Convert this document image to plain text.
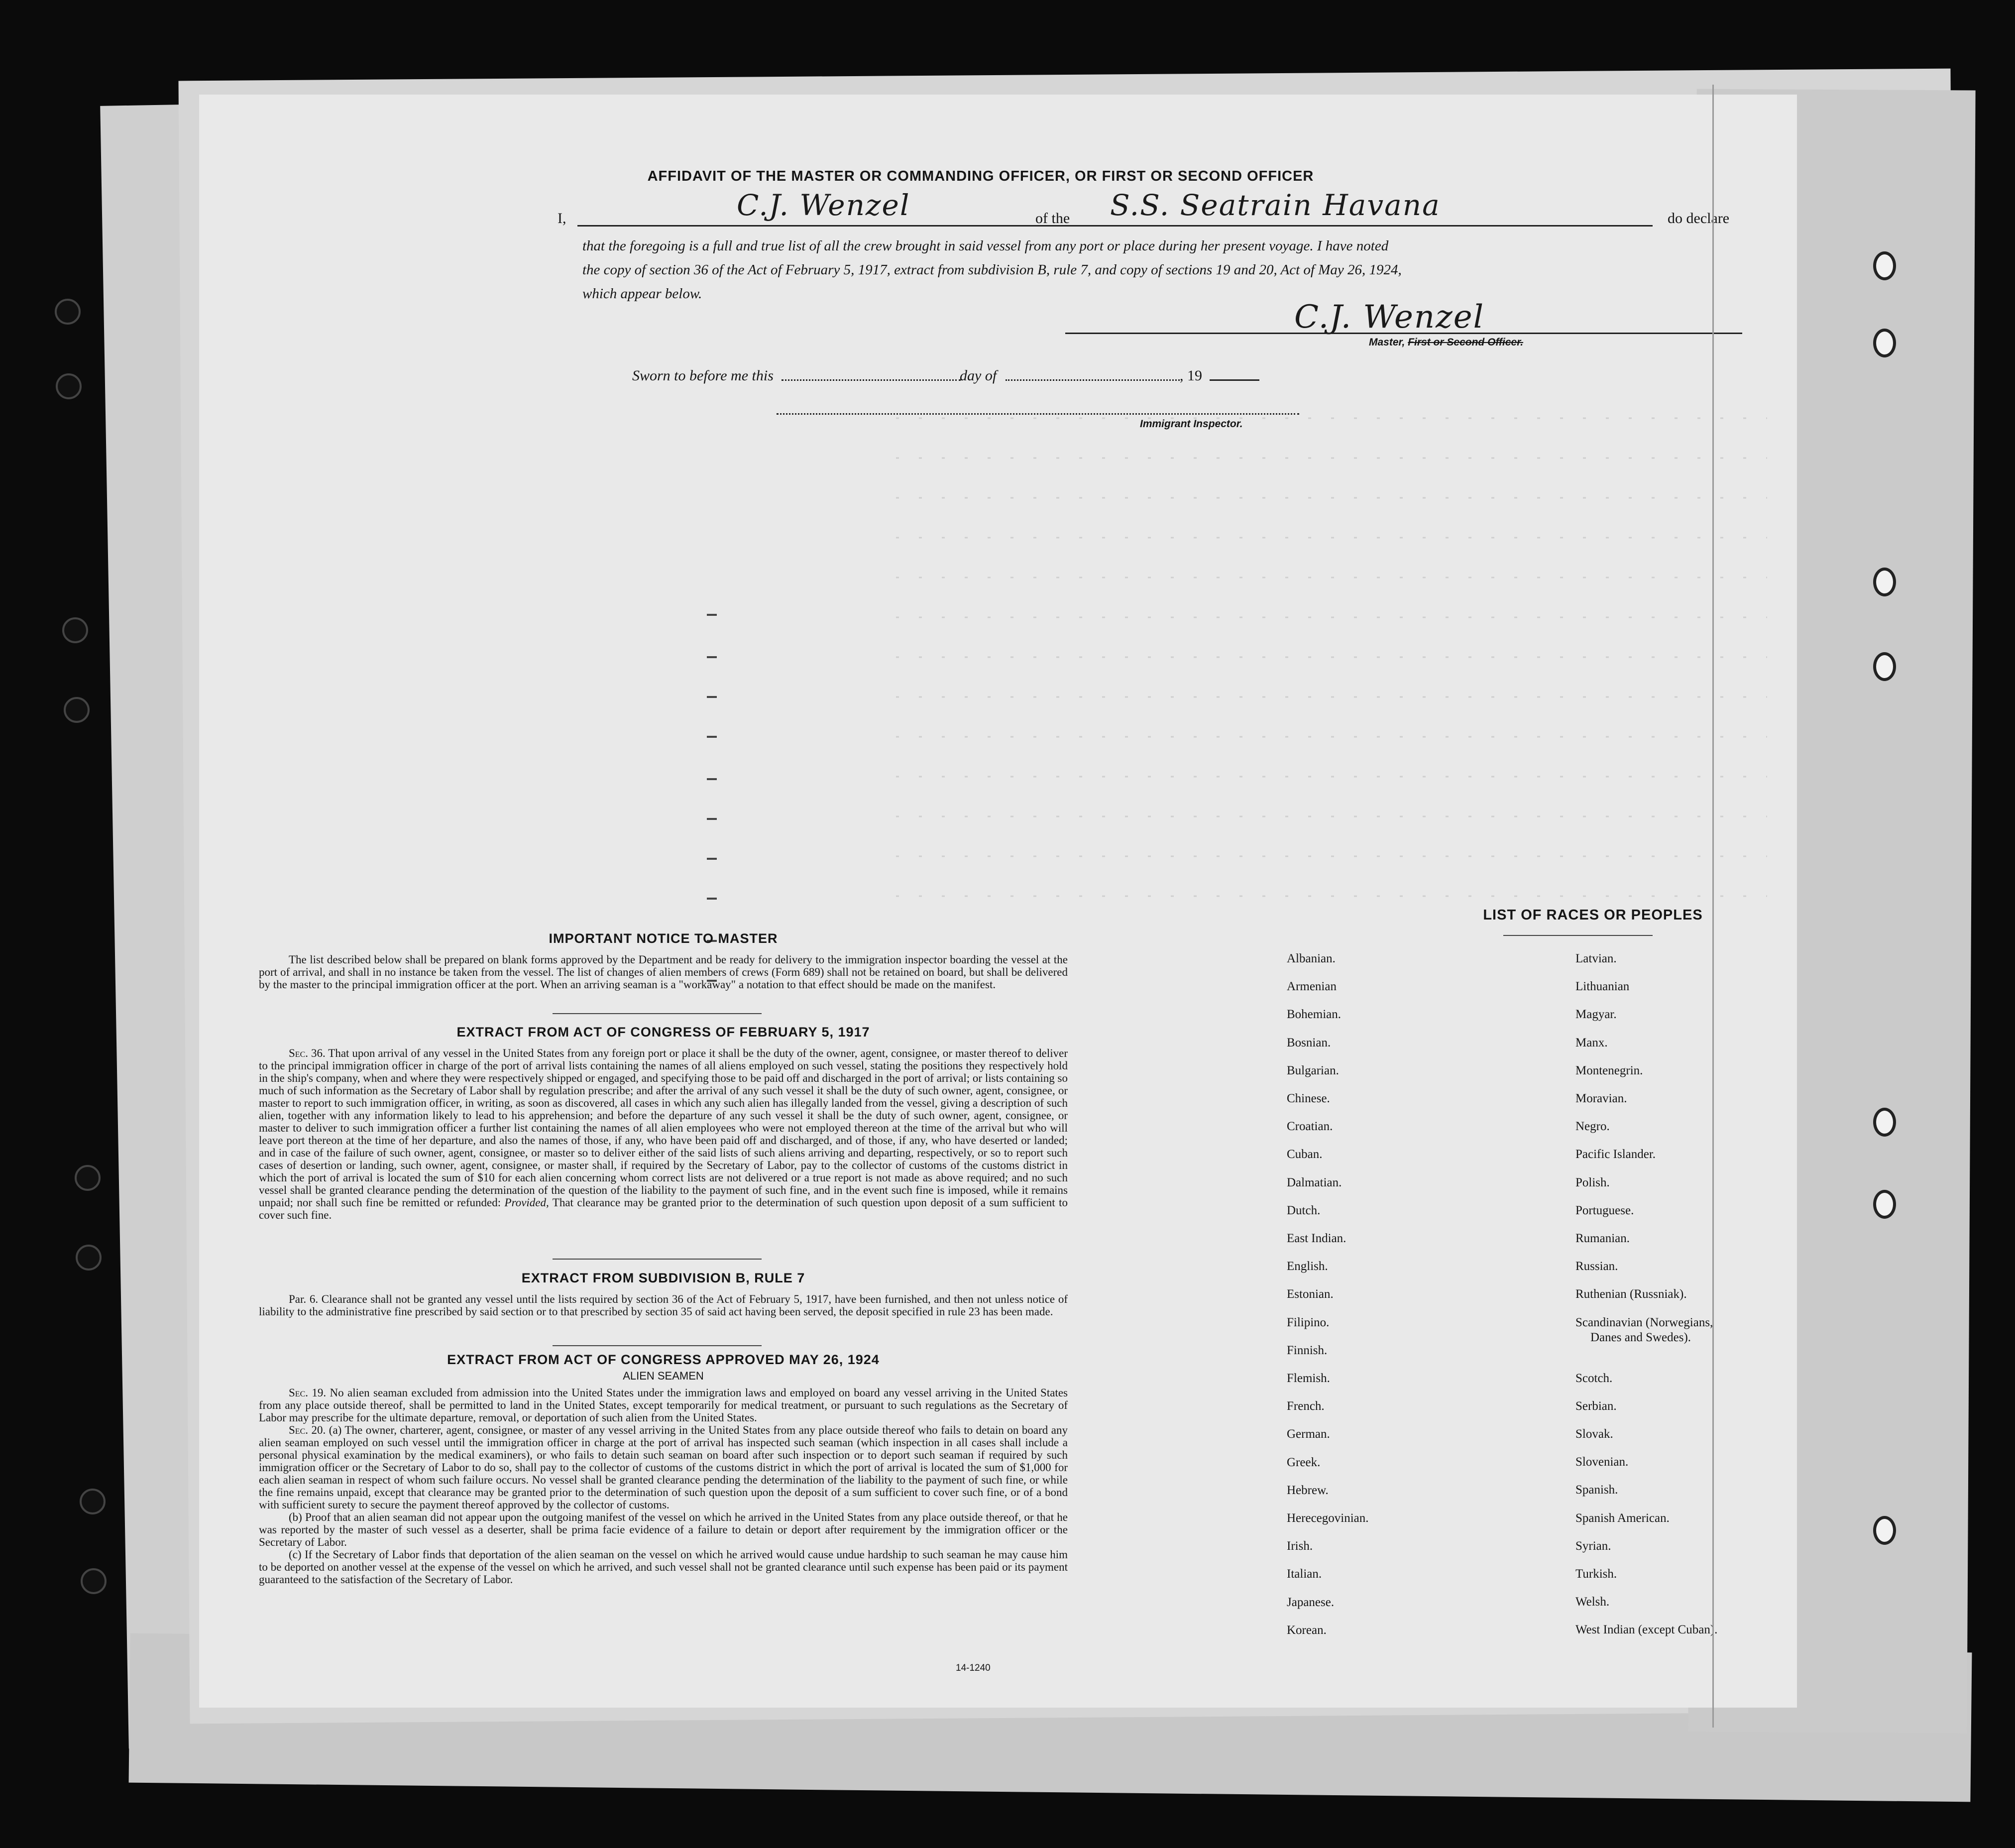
AFFIDAVIT OF THE MASTER OR COMMANDING OFFICER, OR FIRST OR SECOND OFFICER
I,	C.J. Wenzel	of the S.S. Seatrain Havana	do declare
that the foregoing is a full and true list of all the crew brought in said vessel from any port or place during her present voyage. I have noted
the copy of section 36 of the Act of February 5, 1917, extract from subdivision B, rule 7, and copy of sections 19 and 20, Act of May 26, 1924,
which appear below.
C.J. Wenzel
Master, First or Second Officer.
Sworn to before me this	day of	, 19
Immigrant Inspector.
IMPORTANT NOTICE TO MASTER
The list described below shall be prepared on blank forms approved by the Department and be ready for delivery to the immigration inspector boarding the vessel at the port of arrival, and shall in no instance be taken from the vessel. The list of changes of alien members of crews (Form 689) shall not be retained on board, but shall be delivered by the master to the principal immigration officer at the port. When an arriving seaman is a "workaway" a notation to that effect should be made on the manifest.
EXTRACT FROM ACT OF CONGRESS OF FEBRUARY 5, 1917
Sec. 36. That upon arrival of any vessel in the United States from any foreign port or place it shall be the duty of the owner, agent, consignee, or master thereof to deliver to the principal immigration officer in charge of the port of arrival lists containing the names of all aliens employed on such vessel, stating the positions they respectively hold in the ship's company, when and where they were respectively shipped or engaged, and specifying those to be paid off and discharged in the port of arrival; or lists containing so much of such information as the Secretary of Labor shall by regulation prescribe; and after the arrival of any such vessel it shall be the duty of such owner, agent, consignee, or master to report to such immigration officer, in writing, as soon as discovered, all cases in which any such alien has illegally landed from the vessel, giving a description of such alien, together with any information likely to lead to his apprehension; and before the departure of any such vessel it shall be the duty of such owner, agent, consignee, or master to deliver to such immigration officer a further list containing the names of all alien employees who were not employed thereon at the time of the arrival but who will leave port thereon at the time of her departure, and also the names of those, if any, who have been paid off and discharged, and of those, if any, who have deserted or landed; and in case of the failure of such owner, agent, consignee, or master so to deliver either of the said lists of such aliens arriving and departing, respectively, or so to report such cases of desertion or landing, such owner, agent, consignee, or master shall, if required by the Secretary of Labor, pay to the collector of customs of the customs district in which the port of arrival is located the sum of $10 for each alien concerning whom correct lists are not delivered or a true report is not made as above required; and no such vessel shall be granted clearance pending the determination of the question of the liability to the payment of such fine, and in the event such fine is imposed, while it remains unpaid; nor shall such fine be remitted or refunded: Provided, That clearance may be granted prior to the determination of such question upon deposit of a sum sufficient to cover such fine.
EXTRACT FROM SUBDIVISION B, RULE 7
Par. 6. Clearance shall not be granted any vessel until the lists required by section 36 of the Act of February 5, 1917, have been furnished, and then not unless notice of liability to the administrative fine prescribed by said section or to that prescribed by section 35 of said act having been served, the deposit specified in rule 23 has been made.
EXTRACT FROM ACT OF CONGRESS APPROVED MAY 26, 1924
ALIEN SEAMEN
Sec. 19. No alien seaman excluded from admission into the United States under the immigration laws and employed on board any vessel arriving in the United States from any place outside thereof, shall be permitted to land in the United States, except temporarily for medical treatment, or pursuant to such regulations as the Secretary of Labor may prescribe for the ultimate departure, removal, or deportation of such alien from the United States.
Sec. 20. (a) The owner, charterer, agent, consignee, or master of any vessel arriving in the United States from any place outside thereof who fails to detain on board any alien seaman employed on such vessel until the immigration officer in charge at the port of arrival has inspected such seaman (which inspection in all cases shall include a personal physical examination by the medical examiners), or who fails to detain such seaman on board after such inspection or to deport such seaman if required by such immigration officer or the Secretary of Labor to do so, shall pay to the collector of customs of the customs district in which the port of arrival is located the sum of $1,000 for each alien seaman in respect of whom such failure occurs. No vessel shall be granted clearance pending the determination of the liability to the payment of such fine, or while the fine remains unpaid, except that clearance may be granted prior to the determination of such question upon the deposit of a sum sufficient to cover such fine, or of a bond with sufficient surety to secure the payment thereof approved by the collector of customs.
(b) Proof that an alien seaman did not appear upon the outgoing manifest of the vessel on which he arrived in the United States from any place outside thereof, or that he was reported by the master of such vessel as a deserter, shall be prima facie evidence of a failure to detain or deport after requirement by the immigration officer or the Secretary of Labor.
(c) If the Secretary of Labor finds that deportation of the alien seaman on the vessel on which he arrived would cause undue hardship to such seaman he may cause him to be deported on another vessel at the expense of the vessel on which he arrived, and such vessel shall not be granted clearance until such expense has been paid or its payment guaranteed to the satisfaction of the Secretary of Labor.
14-1240
LIST OF RACES OR PEOPLES
Albanian.
Armenian
Bohemian.
Bosnian.
Bulgarian.
Chinese.
Croatian.
Cuban.
Dalmatian.
Dutch.
East Indian.
English.
Estonian.
Filipino.
Finnish.
Flemish.
French.
German.
Greek.
Hebrew.
Herecegovinian.
Irish.
Italian.
Japanese.
Korean.
Latvian.
Lithuanian
Magyar.
Manx.
Montenegrin.
Moravian.
Negro.
Pacific Islander.
Polish.
Portuguese.
Rumanian.
Russian.
Ruthenian (Russniak).
Scandinavian (Norwegians,
Danes and Swedes).
Scotch.
Serbian.
Slovak.
Slovenian.
Spanish.
Spanish American.
Syrian.
Turkish.
Welsh.
West Indian (except Cuban).
